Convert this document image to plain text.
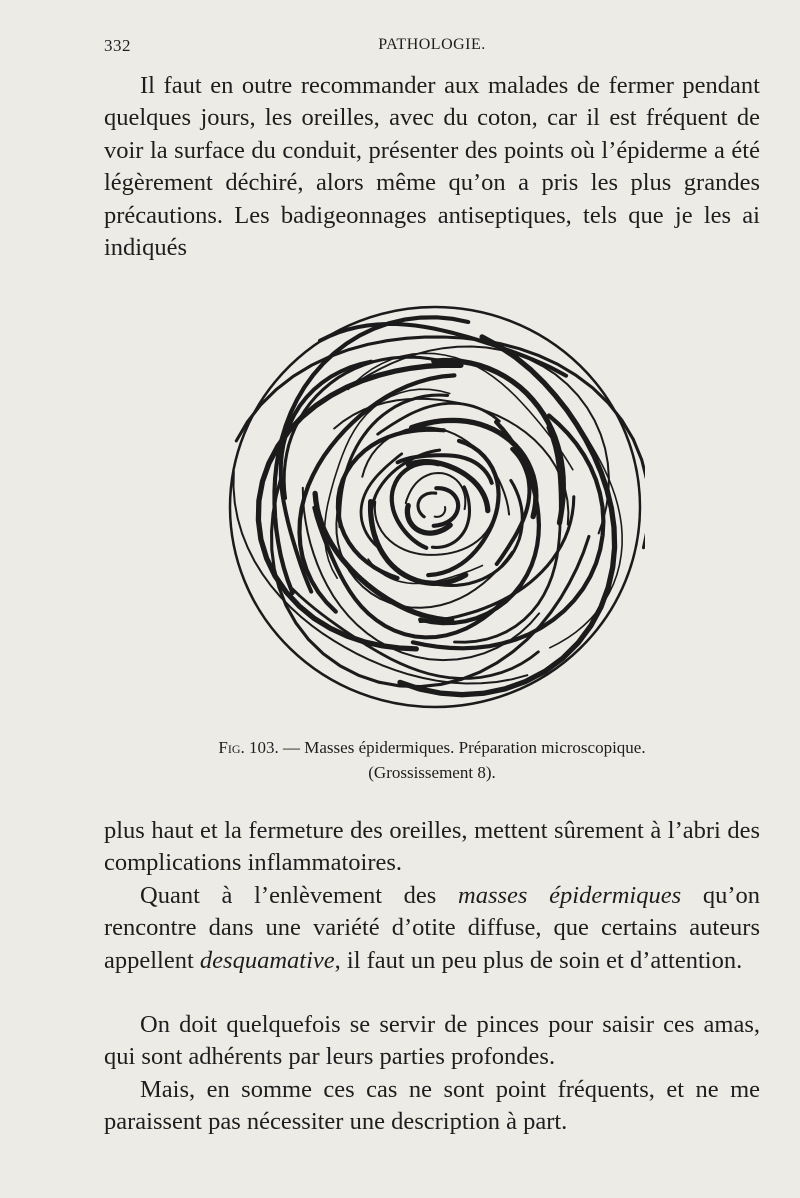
332	PATHOLOGIE.

Il faut en outre recommander aux malades de fermer pendant quelques jours, les oreilles, avec du coton, car il est fréquent de voir la surface du conduit, présenter des points où l’épiderme a été légèrement déchiré, alors même qu’on a pris les plus grandes précautions. Les badigeonnages antiseptiques, tels que je les ai indiqués

Fig. 103. — Masses épidermiques. Préparation microscopique.
(Grossissement 8).

plus haut et la fermeture des oreilles, mettent sûrement à l’abri des complications inflammatoires.

Quant à l’enlèvement des masses épidermiques qu’on rencontre dans une variété d’otite diffuse, que certains auteurs appellent desquamative, il faut un peu plus de soin et d’attention.

On doit quelquefois se servir de pinces pour saisir ces amas, qui sont adhérents par leurs parties profondes.

Mais, en somme ces cas ne sont point fréquents, et ne me paraissent pas nécessiter une description à part.
